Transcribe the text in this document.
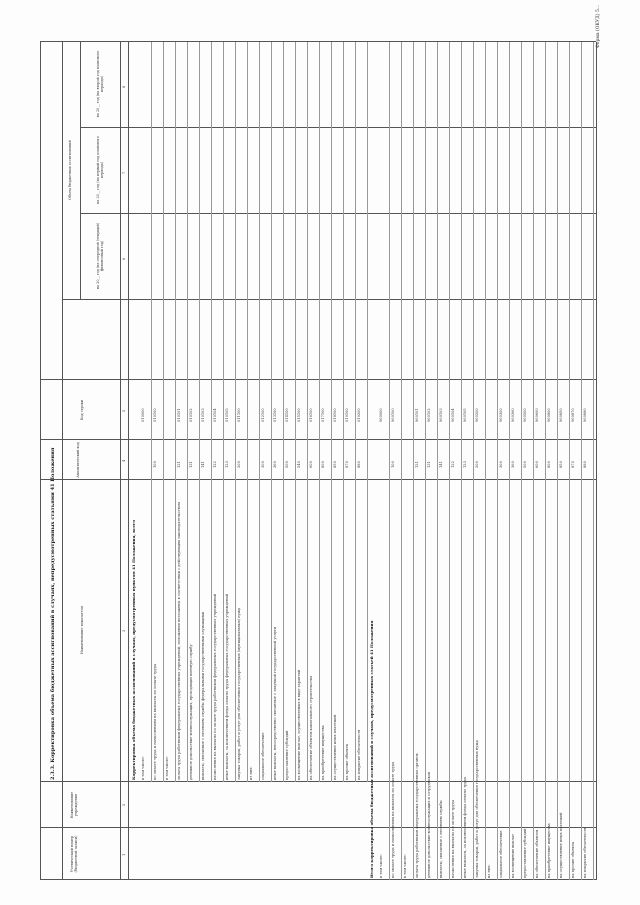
Форма (ОКУД) 5...
2.3.3. Корректировка объема бюджетных ассигнований в случаях, непредусмотренных статьями 41 Положения
Ученический номер (бюджетной записи)
Наименование учреждения
Наименование показателя
Аналитический код
Код строки
Объем бюджетных ассигнований
на 20__ год (на очередной (текущий) финансовый год)
на 20__ год (на первый год планового периода)
на 20__ год (на второй год планового периода)
1
2
3
4
5
6
7
8
Корректировка объема бюджетных ассигнований в случаях, предусмотренных пунктом 41 Положения, всего	Итого корректировка объема бюджетных ассигнований в случаях, предусмотренных статьей 41 Положения
в том числе:
010000
по оплате труда и начислениям на выплаты по оплате труда
100
010100
в том числе: оплата труда работников федеральных государственных учреждений, положения возложены в соответствии с действующим законодательством
121
010101
денежное довольствие военнослужащих, проходящих военную службу
131
010102
выплаты, связанные с несением службы федеральными государственными служащими
141
010103
начисления на выплаты по оплате труда работников федеральных государственных учреждений
122
010104
иные выплаты, за исключением фонда оплаты труда федеральных государственных учреждений
123
010105
закупка товаров, работ и услуг для обеспечения государственных (муниципальных) нужд
200
011100
из них: социальное обеспечение
300
012100
иные выплаты, непосредственно связанные с закупкой государственной услуги
360
013100
предоставление субсидий
500
014100
на возмещение выплат, осуществляемых в виде гарантий
540
015100
на обеспечение объектов капитального строительства
600
016100
на приобретение имущества
800
017100
на осуществление иных платежей
850
018100
на прочие объекты
870
019100
на покрытие обязательств
880
019200
в том числе:
900000
по оплате труда и начислениям на выплаты по оплате труда
100
900100
в том числе: оплата труда работников федеральных государственных органов
121
900101
денежное довольствие военнослужащих и сотрудников
131
900102
выплаты, связанные с несением службы
141
900103
начисления на выплаты по оплате труда
122
900104
иные выплаты, за исключением фонда оплаты труда
123
900105
закупка товаров, работ и услуг для обеспечения государственных нужд
200
900200
из них: социальное обеспечение
300
900300
на возмещение выплат
360
900360
предоставление субсидий
500
900500
на обеспечение объектов
600
900600
на приобретение имущества
800
900800
на осуществление иных платежей
850
900850
на прочие объекты
870
900870
на покрытие обязательств
880
900880
